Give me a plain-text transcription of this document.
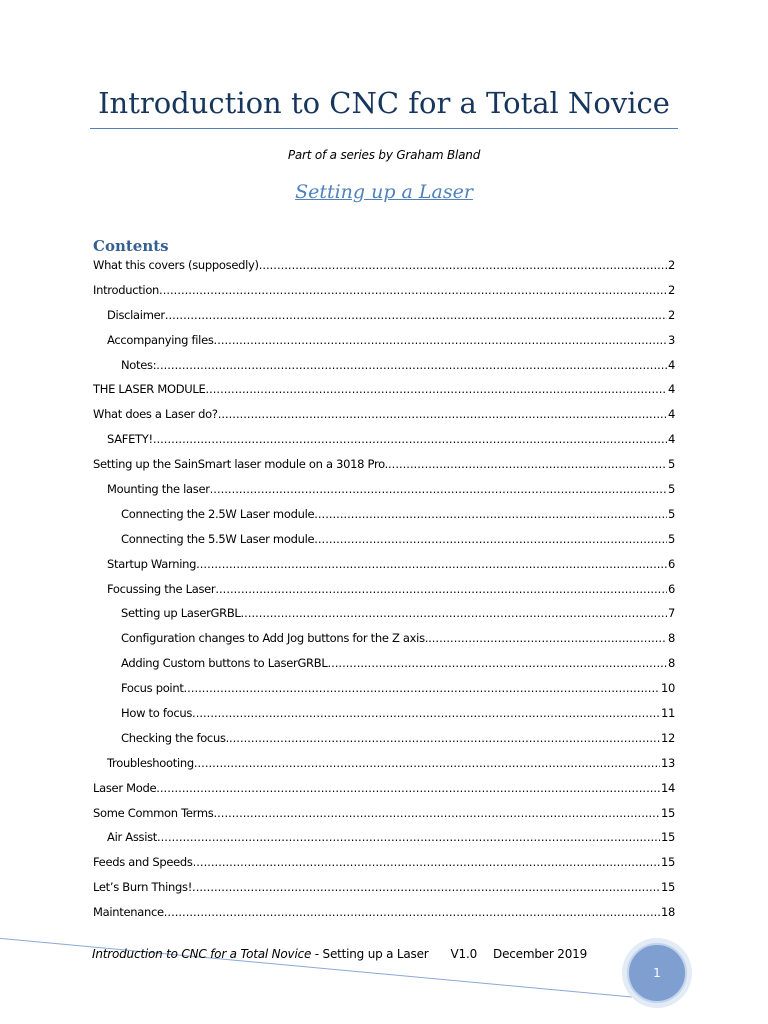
Introduction to CNC for a Total Novice
Part of a series by Graham Bland
Setting up a Laser
Contents
What this covers (supposedly) .....	2
Introduction .....	2
Disclaimer .....	2
Accompanying files .....	3
Notes: .....	4
THE LASER MODULE .....	4
What does a Laser do? .....	4
SAFETY! .....	4
Setting up the SainSmart laser module on a 3018 Pro. .....	5
Mounting the laser .....	5
Connecting the 2.5W Laser module .....	5
Connecting the 5.5W Laser module .....	5
Startup Warning .....	6
Focussing the Laser .....	6
Setting up LaserGRBL .....	7
Configuration changes to Add Jog buttons for the Z axis. .....	8
Adding Custom buttons to LaserGRBL .....	8
Focus point .....	10
How to focus .....	11
Checking the focus. .....	12
Troubleshooting .....	13
Laser Mode .....	14
Some Common Terms .....	15
Air Assist .....	15
Feeds and Speeds .....	15
Let’s Burn Things! .....	15
Maintenance .....	18
Introduction to CNC for a Total Novice - Setting up a Laser V1.0 December 2019
1
